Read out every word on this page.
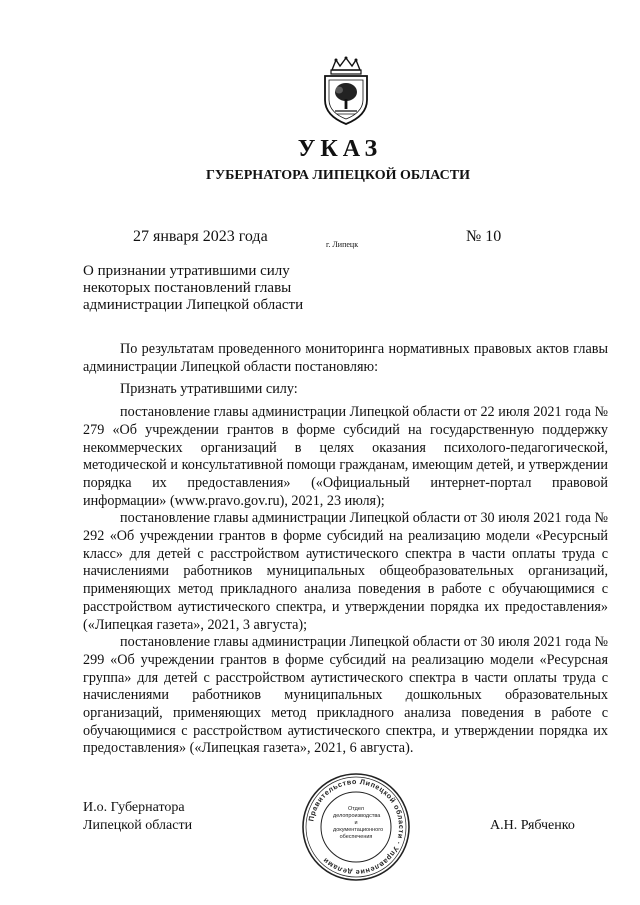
УКАЗ
ГУБЕРНАТОРА ЛИПЕЦКОЙ ОБЛАСТИ
27 января 2023 года	г. Липецк	№ 10
О признании утратившими силу некоторых постановлений главы администрации Липецкой области

По результатам проведенного мониторинга нормативных правовых актов главы администрации Липецкой области постановляю:

Признать утратившими силу:

постановление главы администрации Липецкой области от 22 июля 2021 года № 279 «Об учреждении грантов в форме субсидий на государственную поддержку некоммерческих организаций в целях оказания психолого-педагогической, методической и консультативной помощи гражданам, имеющим детей, и утверждении порядка их предоставления» («Официальный интернет-портал правовой информации» (www.pravo.gov.ru), 2021, 23 июля);

постановление главы администрации Липецкой области от 30 июля 2021 года № 292 «Об учреждении грантов в форме субсидий на реализацию модели «Ресурсный класс» для детей с расстройством аутистического спектра в части оплаты труда с начислениями работников муниципальных общеобразовательных организаций, применяющих метод прикладного анализа поведения в работе с обучающимися с расстройством аутистического спектра, и утверждении порядка их предоставления» («Липецкая газета», 2021, 3 августа);

постановление главы администрации Липецкой области от 30 июля 2021 года № 299 «Об учреждении грантов в форме субсидий на реализацию модели «Ресурсная группа» для детей с расстройством аутистического спектра в части оплаты труда с начислениями работников муниципальных дошкольных образовательных организаций, применяющих метод прикладного анализа поведения в работе с обучающимися с расстройством аутистического спектра, и утверждении порядка их предоставления» («Липецкая газета», 2021, 6 августа).

И.о. Губернатора
Липецкой области	Правительство Липецкой области · Управление делами
Отдел
делопроизводства и
документационного
обеспечения
А.Н. Рябченко
